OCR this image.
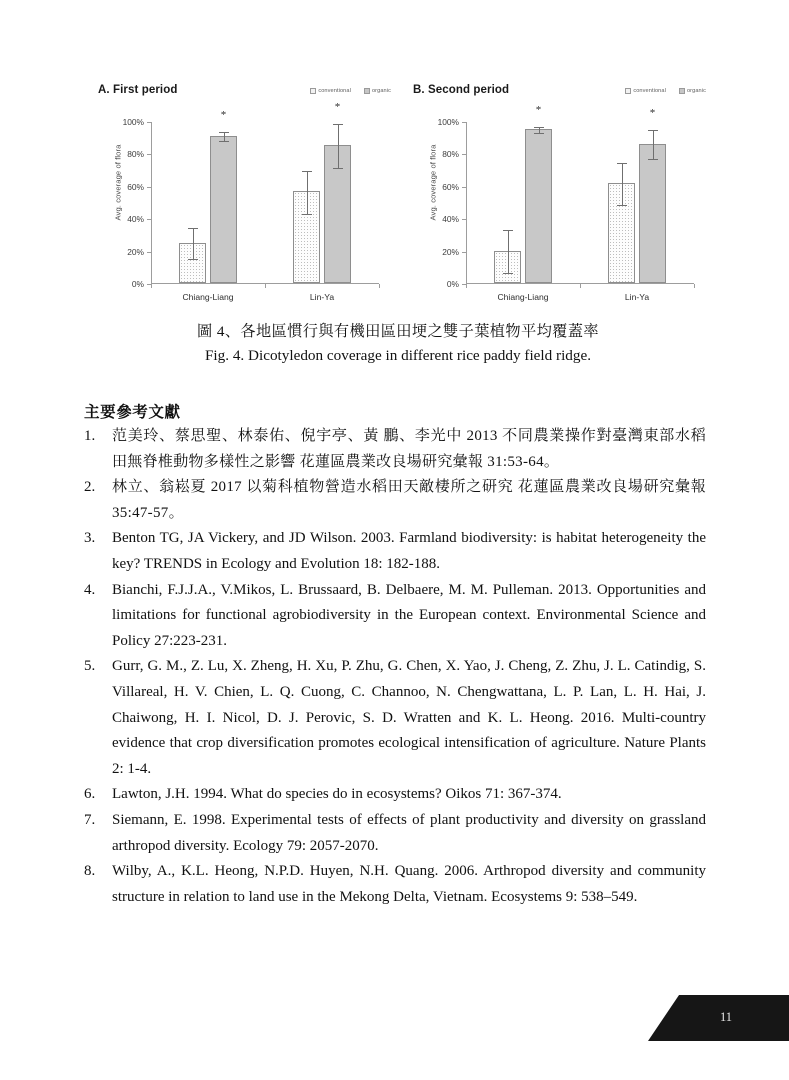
A. First period	conventional	organic
Avg. coverage of flora
0%
20%
40%
60%
80%
100%
*
Chiang-Liang
*
Lin-Ya
B. Second period	conventional	organic
Avg. coverage of flora
0%
20%
40%
60%
80%
100%
*
Chiang-Liang
*
Lin-Ya
圖 4、各地區慣行與有機田區田埂之雙子葉植物平均覆蓋率
Fig. 4. Dicotyledon coverage in different rice paddy field ridge.
主要參考文獻
1.	范美玲、蔡思聖、林泰佑、倪宇亭、黃 鵬、李光中 2013 不同農業操作對臺灣東部水稻田無脊椎動物多樣性之影響 花蓮區農業改良場研究彙報 31:53-64。
2.	林立、翁崧夏 2017 以菊科植物營造水稻田天敵棲所之研究 花蓮區農業改良場研究彙報 35:47-57。
3.	Benton TG, JA Vickery, and JD Wilson. 2003. Farmland biodiversity: is habitat heterogeneity the key? TRENDS in Ecology and Evolution 18: 182-188.
4.	Bianchi, F.J.J.A., V.Mikos, L. Brussaard, B. Delbaere, M. M. Pulleman. 2013. Opportunities and limitations for functional agrobiodiversity in the European context. Environmental Science and Policy 27:223-231.
5.	Gurr, G. M., Z. Lu, X. Zheng, H. Xu, P. Zhu, G. Chen, X. Yao, J. Cheng, Z. Zhu, J. L. Catindig, S. Villareal, H. V. Chien, L. Q. Cuong, C. Channoo, N. Chengwattana, L. P. Lan, L. H. Hai, J. Chaiwong, H. I. Nicol, D. J. Perovic, S. D. Wratten and K. L. Heong. 2016. Multi-country evidence that crop diversification promotes ecological intensification of agriculture. Nature Plants 2: 1-4.
6.	Lawton, J.H. 1994. What do species do in ecosystems? Oikos 71: 367-374.
7.	Siemann, E. 1998. Experimental tests of effects of plant productivity and diversity on grassland arthropod diversity. Ecology 79: 2057-2070.
8.	Wilby, A., K.L. Heong, N.P.D. Huyen, N.H. Quang. 2006. Arthropod diversity and community structure in relation to land use in the Mekong Delta, Vietnam. Ecosystems 9: 538–549.
11
